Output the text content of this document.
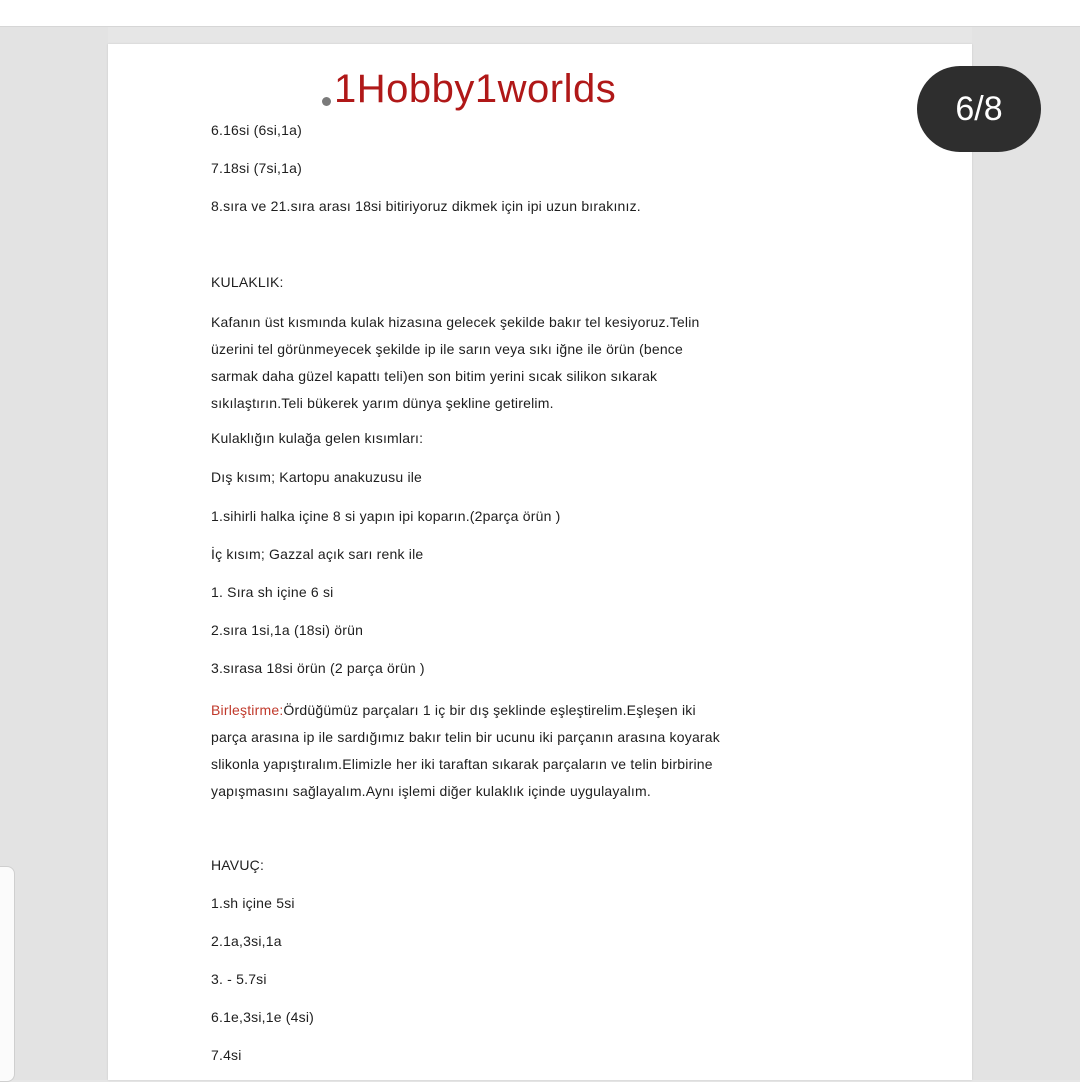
1Hobby1worlds	6/8
6.16si (6si,1a)
7.18si (7si,1a)
8.sıra ve 21.sıra arası 18si bitiriyoruz dikmek için ipi uzun bırakınız.
KULAKLIK:

Kafanın üst kısmında kulak hizasına gelecek şekilde bakır tel kesiyoruz.Telin

üzerini tel görünmeyecek şekilde ip ile sarın veya sıkı iğne ile örün (bence

sarmak daha güzel kapattı teli)en son bitim yerini sıcak silikon sıkarak

sıkılaştırın.Teli bükerek yarım dünya şekline getirelim.

Kulaklığın kulağa gelen kısımları:
Dış kısım; Kartopu anakuzusu ile
1.sihirli halka içine 8 si yapın ipi koparın.(2parça örün )
İç kısım; Gazzal açık sarı renk ile
1. Sıra sh içine 6 si
2.sıra 1si,1a (18si) örün
3.sırasa 18si örün (2 parça örün )

Birleştirme:Ördüğümüz parçaları 1 iç bir dış şeklinde eşleştirelim.Eşleşen iki

parça arasına ip ile sardığımız bakır telin bir ucunu iki parçanın arasına koyarak

slikonla yapıştıralım.Elimizle her iki taraftan sıkarak parçaların ve telin birbirine

yapışmasını sağlayalım.Aynı işlemi diğer kulaklık içinde uygulayalım.

HAVUÇ:
1.sh içine 5si
2.1a,3si,1a
3. - 5.7si
6.1e,3si,1e (4si)
7.4si
